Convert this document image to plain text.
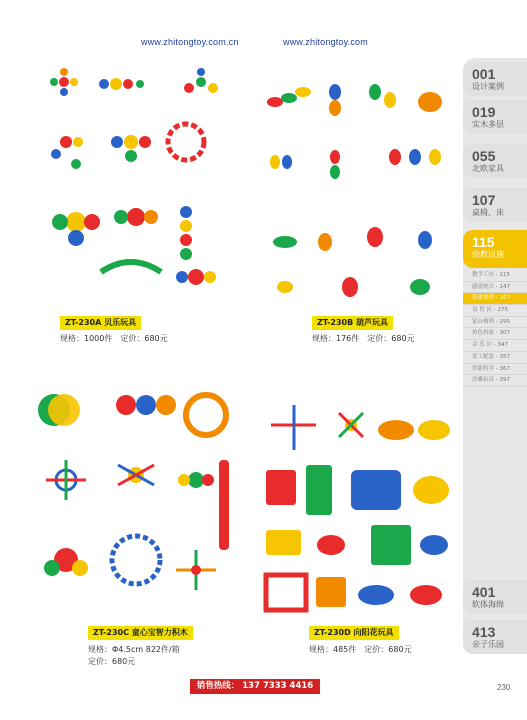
www.zhitongtoy.com.cn	www.zhitongtoy.com
ZT-230A 贝乐玩具
规格：1000件 定价：680元
ZT-230B 葫芦玩具
规格：176件 定价：680元
ZT-230C 童心宝智力积木
规格：Φ4.5cm 822件/箱
定价：680元
ZT-230D 向阳花玩具
规格：485件 定价：680元
001
设计案例
019
实木多层
055
北欧家具
107
桌椅、床
115
幼教设施
教学工坊 - 115
感觉统合 - 147
积建拼搭 - 167
益 智 区 - 275
蒙台梭利 - 295
角色扮演 - 307
音 乐 区 - 347
美工配套 - 357
智能科学 - 367
沙滩玩具 - 397
401
软体海绵
413
亲子乐园
销售热线： 137 7333 4416	230
